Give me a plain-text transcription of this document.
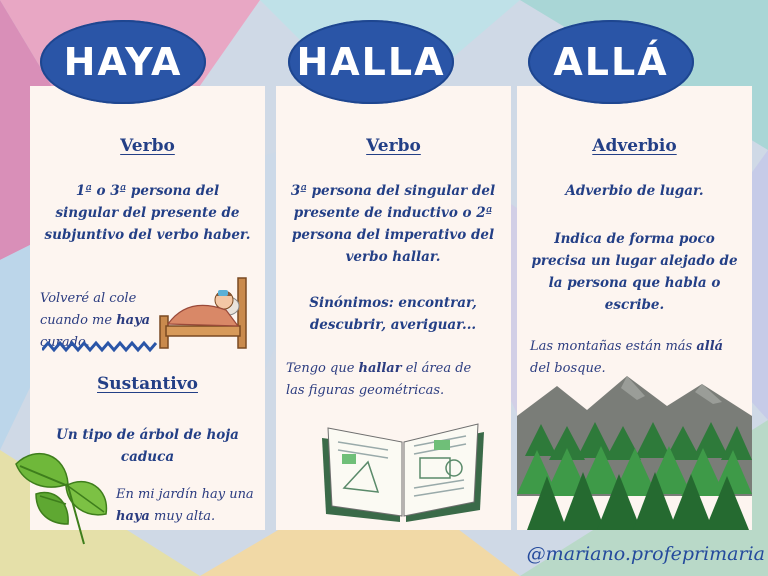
HAYA	HALLA	ALLÁ
Verbo
1ª o 3ª persona del singular del presente de subjuntivo del verbo haber.
Volveré al cole cuando me haya curado.
Sustantivo
Un tipo de árbol de hoja caduca
En mi jardín hay una haya muy alta.
Verbo
3ª persona del singular del presente de inductivo o 2ª persona del imperativo del verbo hallar.
Sinónimos: encontrar, descubrir, averiguar...
Tengo que hallar el área de las figuras geométricas.
Adverbio
Adverbio de lugar.
Indica de forma poco precisa un lugar alejado de la persona que habla o escribe.
Las montañas están más allá del bosque.
@mariano.profeprimaria
